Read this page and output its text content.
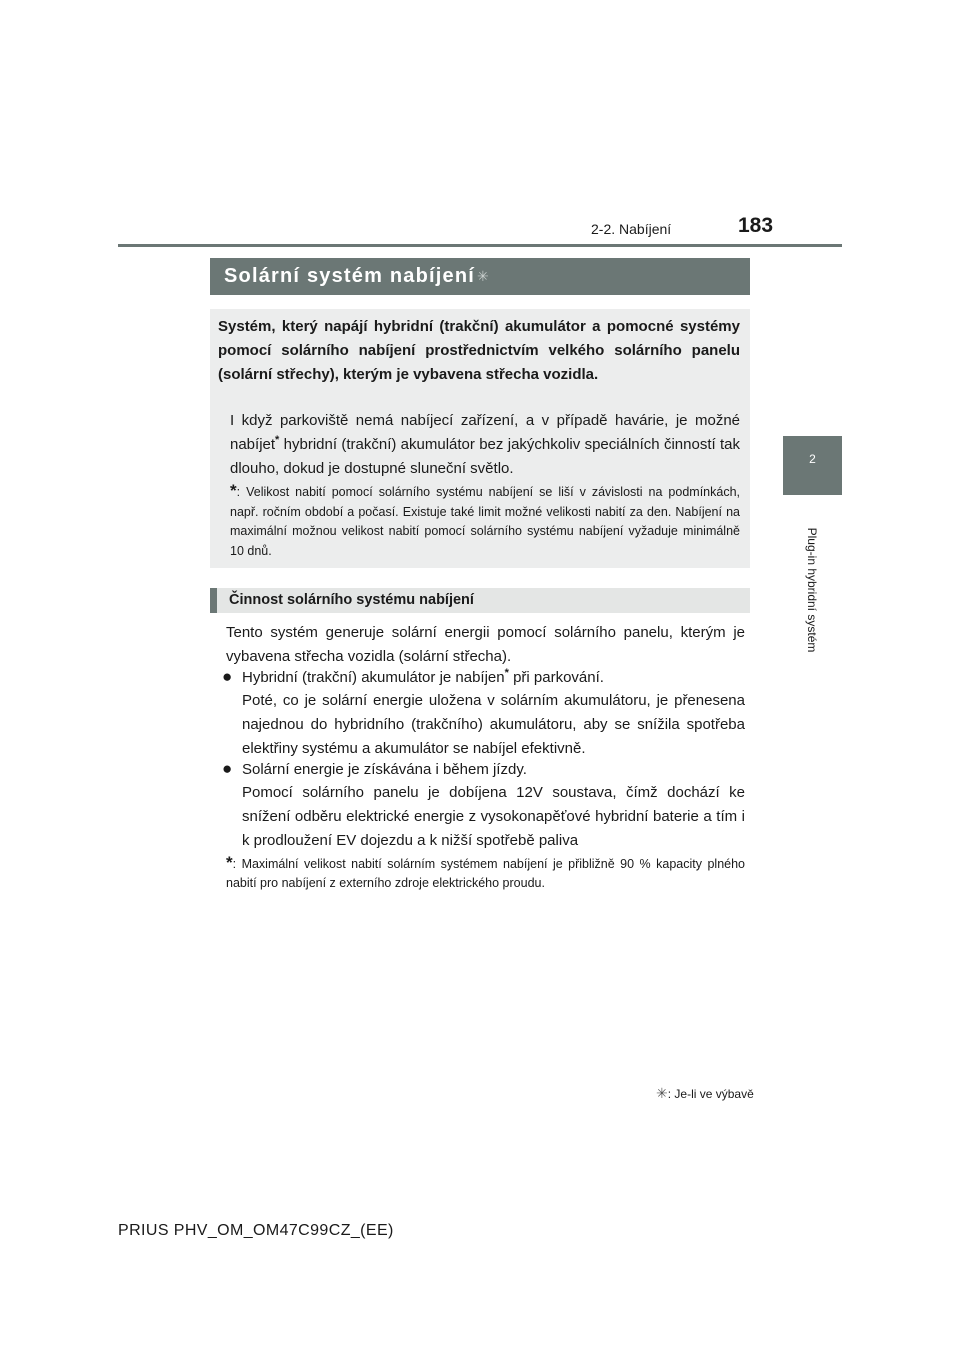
2-2. Nabíjení	183
2
Plug-in hybridní systém
Solární systém nabíjení ✳
Systém, který napájí hybridní (trakční) akumulátor a pomocné systémy pomocí solárního nabíjení prostřednictvím velkého solárního panelu (solární střechy), kterým je vybavena střecha vozidla.
I když parkoviště nemá nabíjecí zařízení, a v případě havárie, je možné nabíjet* hybridní (trakční) akumulátor bez jakýchkoliv speciálních činností tak dlouho, dokud je dostupné sluneční světlo.
*: Velikost nabití pomocí solárního systému nabíjení se liší v závislosti na podmínkách, např. ročním období a počasí. Existuje také limit možné velikosti nabití za den. Nabíjení na maximální možnou velikost nabití pomocí solárního systému nabíjení vyžaduje minimálně 10 dnů.
Činnost solárního systému nabíjení
Tento systém generuje solární energii pomocí solárního panelu, kterým je vybavena střecha vozidla (solární střecha).
● Hybridní (trakční) akumulátor je nabíjen* při parkování.
Poté, co je solární energie uložena v solárním akumulátoru, je přenesena najednou do hybridního (trakčního) akumulátoru, aby se snížila spotřeba elektřiny systému a akumulátor se nabíjel efektivně.
● Solární energie je získávána i během jízdy.
Pomocí solárního panelu je dobíjena 12V soustava, čímž dochází ke snížení odběru elektrické energie z vysokonapěťové hybridní baterie a tím i k prodloužení EV dojezdu a k nižší spotřebě paliva
*: Maximální velikost nabití solárním systémem nabíjení je přibližně 90 % kapacity plného nabití pro nabíjení z externího zdroje elektrického proudu.
✳: Je-li ve výbavě
PRIUS PHV_OM_OM47C99CZ_(EE)
